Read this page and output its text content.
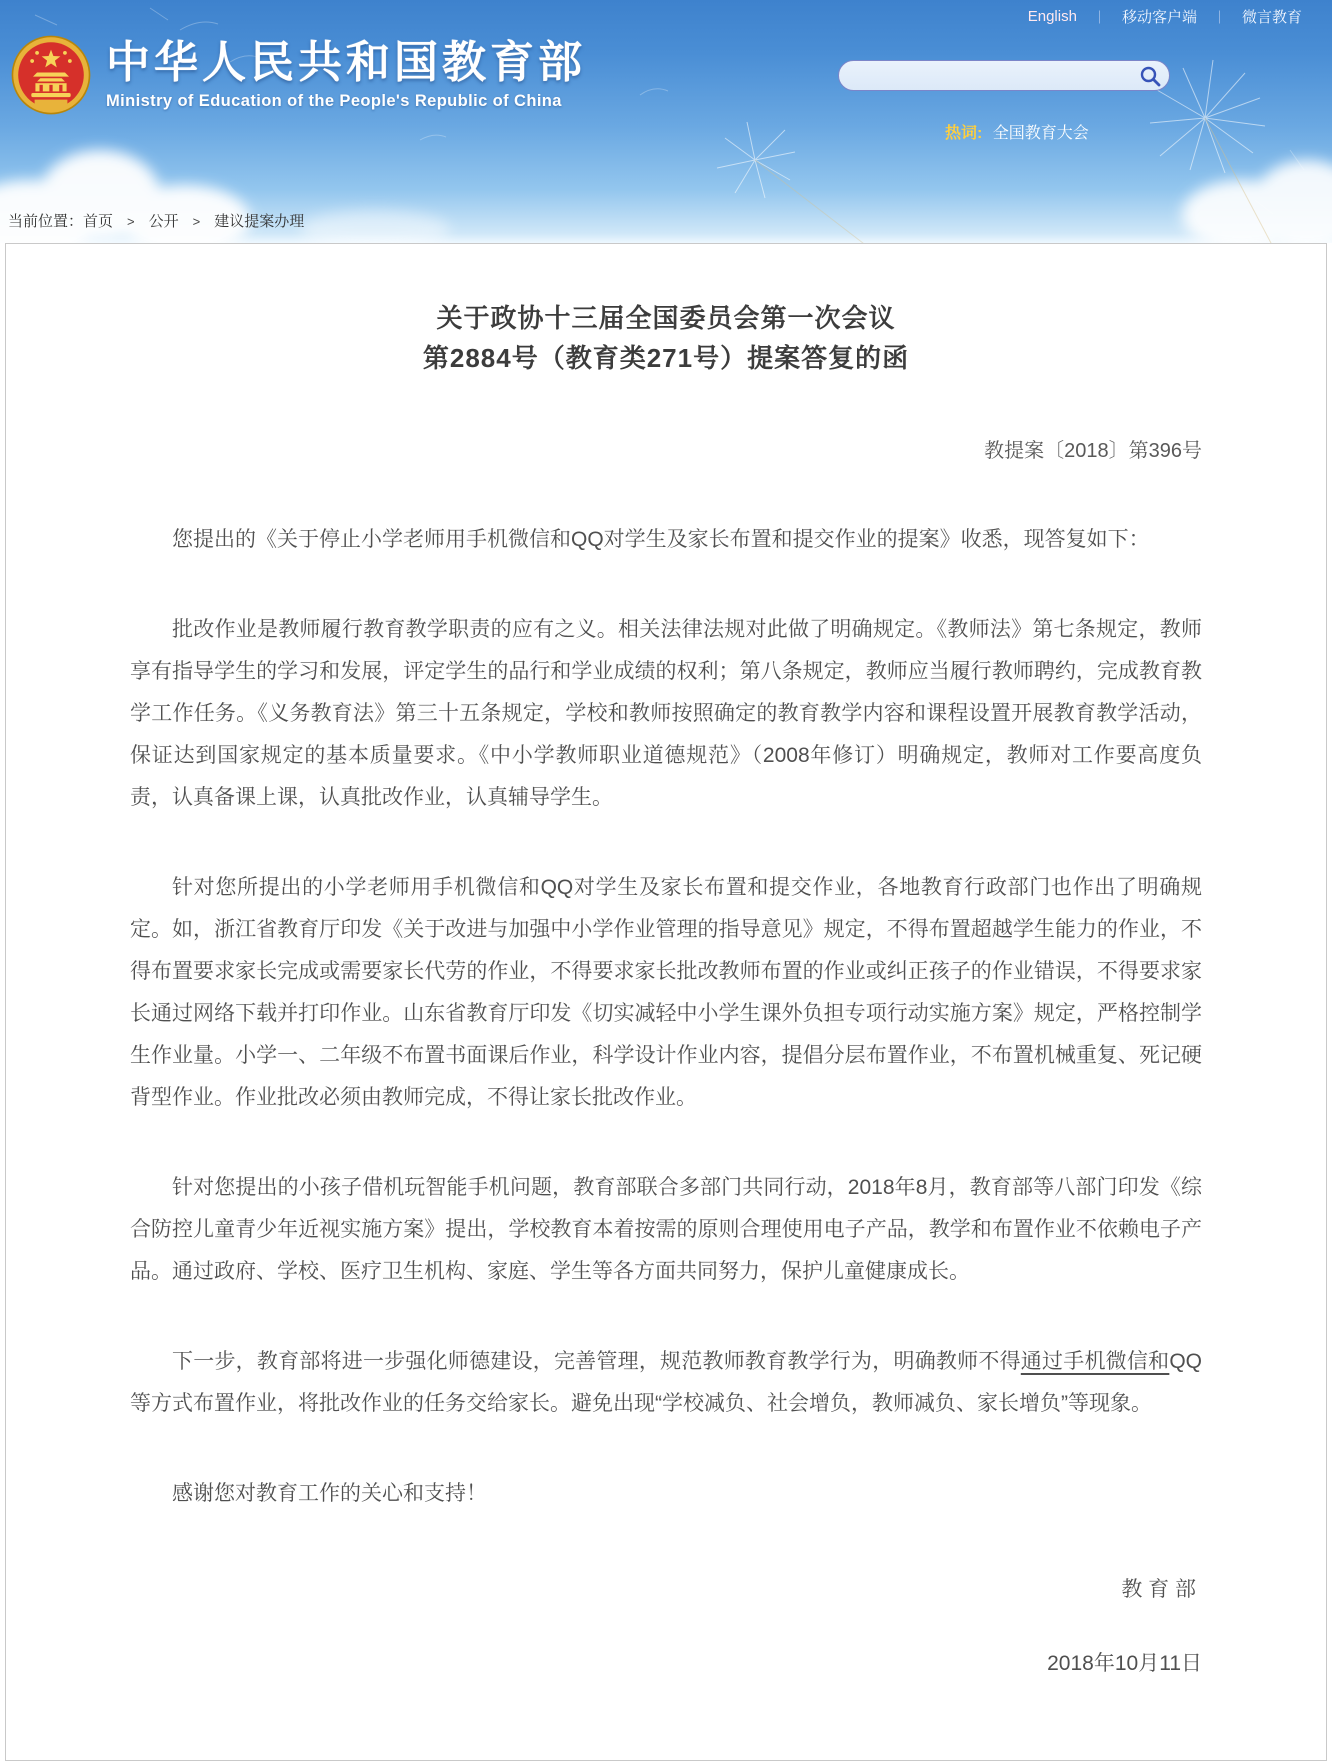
中华人民共和国教育部
Ministry of Education of the People's Republic of China
English ｜ 移动客户端 ｜ 微言教育
热词: 全国教育大会
当前位置：首页 > 公开 > 建议提案办理
关于政协十三届全国委员会第一次会议
第2884号（教育类271号）提案答复的函
教提案〔2018〕第396号

您提出的《关于停止小学老师用手机微信和QQ对学生及家长布置和提交作业的提案》收悉，现答复如下：

批改作业是教师履行教育教学职责的应有之义。相关法律法规对此做了明确规定。《教师法》第七条规定，教师享有指导学生的学习和发展，评定学生的品行和学业成绩的权利；第八条规定，教师应当履行教师聘约，完成教育教学工作任务。《义务教育法》第三十五条规定，学校和教师按照确定的教育教学内容和课程设置开展教育教学活动，保证达到国家规定的基本质量要求。《中小学教师职业道德规范》（2008年修订）明确规定，教师对工作要高度负责，认真备课上课，认真批改作业，认真辅导学生。

针对您所提出的小学老师用手机微信和QQ对学生及家长布置和提交作业，各地教育行政部门也作出了明确规定。如，浙江省教育厅印发《关于改进与加强中小学作业管理的指导意见》规定，不得布置超越学生能力的作业，不得布置要求家长完成或需要家长代劳的作业，不得要求家长批改教师布置的作业或纠正孩子的作业错误，不得要求家长通过网络下载并打印作业。山东省教育厅印发《切实减轻中小学生课外负担专项行动实施方案》规定，严格控制学生作业量。小学一、二年级不布置书面课后作业，科学设计作业内容，提倡分层布置作业，不布置机械重复、死记硬背型作业。作业批改必须由教师完成，不得让家长批改作业。

针对您提出的小孩子借机玩智能手机问题，教育部联合多部门共同行动，2018年8月，教育部等八部门印发《综合防控儿童青少年近视实施方案》提出，学校教育本着按需的原则合理使用电子产品，教学和布置作业不依赖电子产品。通过政府、学校、医疗卫生机构、家庭、学生等各方面共同努力，保护儿童健康成长。

下一步，教育部将进一步强化师德建设，完善管理，规范教师教育教学行为，明确教师不得通过手机微信和QQ等方式布置作业，将批改作业的任务交给家长。避免出现“学校减负、社会增负，教师减负、家长增负”等现象。

感谢您对教育工作的关心和支持！

教 育 部
2018年10月11日
